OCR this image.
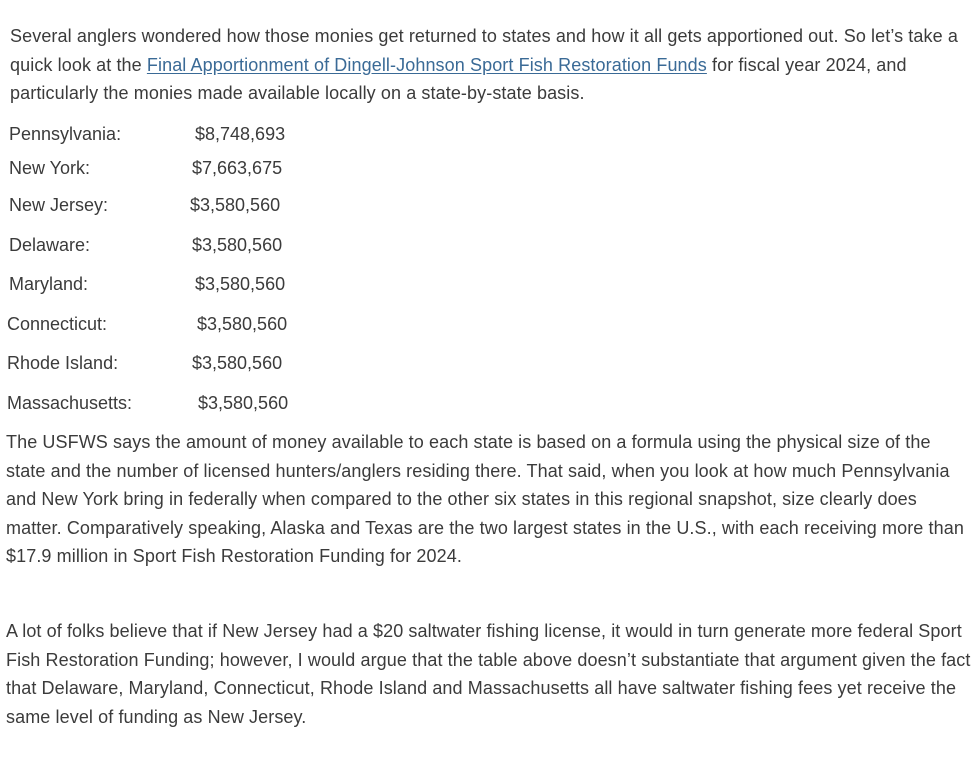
Several anglers wondered how those monies get returned to states and how it all gets apportioned out. So let’s take a quick look at the Final Apportionment of Dingell-Johnson Sport Fish Restoration Funds for fiscal year 2024, and particularly the monies made available locally on a state-by-state basis.

Pennsylvania:	$8,748,693
New York:	$7,663,675
New Jersey:	$3,580,560
Delaware:	$3,580,560
Maryland:	$3,580,560
Connecticut:	$3,580,560
Rhode Island:	$3,580,560
Massachusetts:	$3,580,560

The USFWS says the amount of money available to each state is based on a formula using the physical size of the state and the number of licensed hunters/anglers residing there. That said, when you look at how much Pennsylvania and New York bring in federally when compared to the other six states in this regional snapshot, size clearly does matter. Comparatively speaking, Alaska and Texas are the two largest states in the U.S., with each receiving more than $17.9 million in Sport Fish Restoration Funding for 2024.

A lot of folks believe that if New Jersey had a $20 saltwater fishing license, it would in turn generate more federal Sport Fish Restoration Funding; however, I would argue that the table above doesn’t substantiate that argument given the fact that Delaware, Maryland, Connecticut, Rhode Island and Massachusetts all have saltwater fishing fees yet receive the same level of funding as New Jersey.
